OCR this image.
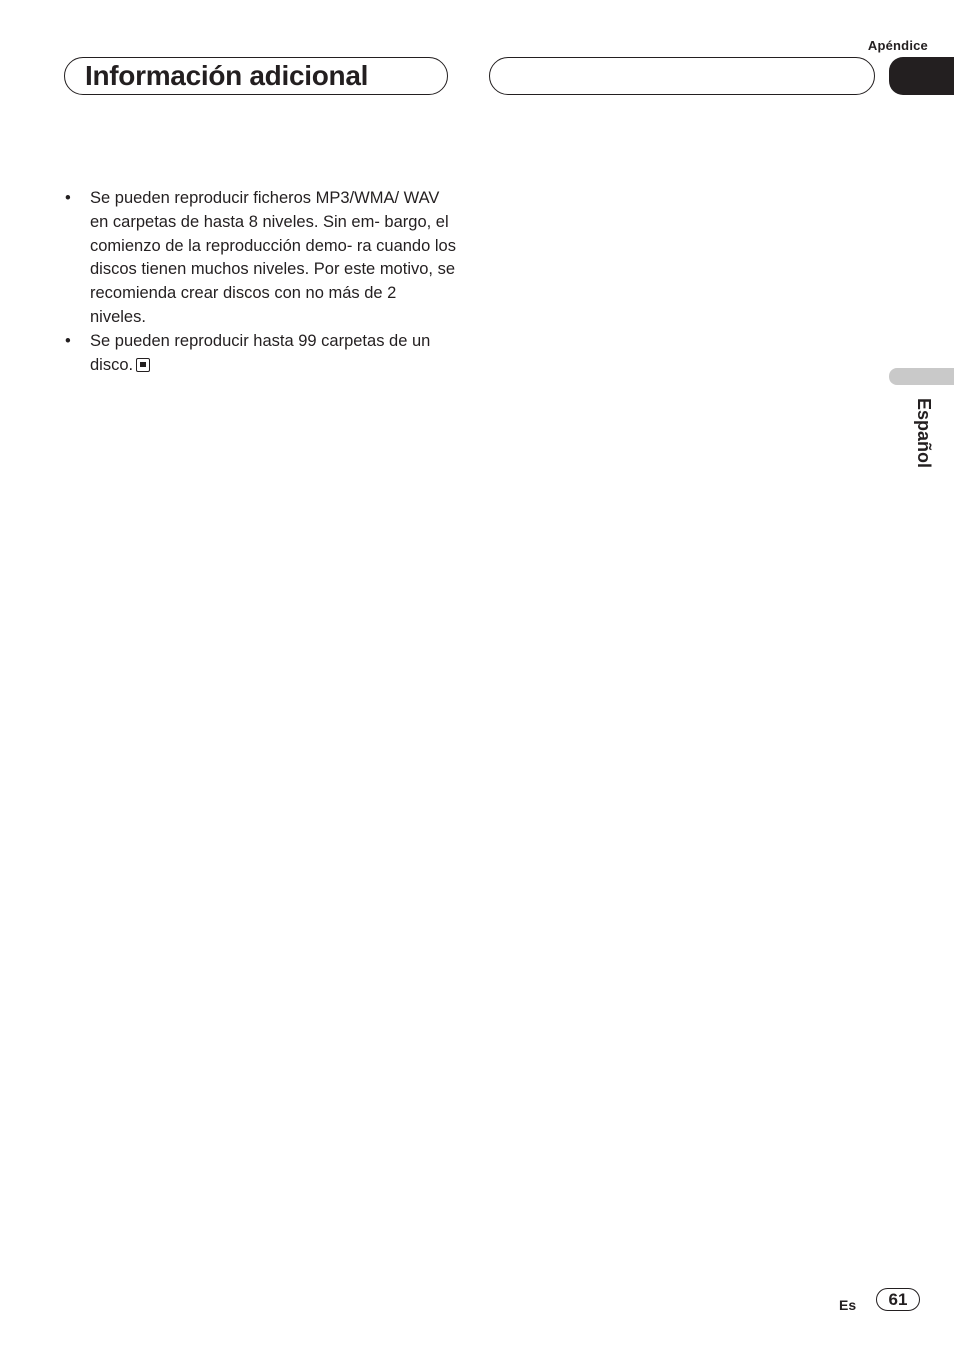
Apéndice
Información adicional
• Se pueden reproducir ficheros MP3/WMA/ WAV en carpetas de hasta 8 niveles. Sin em- bargo, el comienzo de la reproducción demo- ra cuando los discos tienen muchos niveles. Por este motivo, se recomienda crear discos con no más de 2 niveles.
• Se pueden reproducir hasta 99 carpetas de un disco.
Español
Es	61
